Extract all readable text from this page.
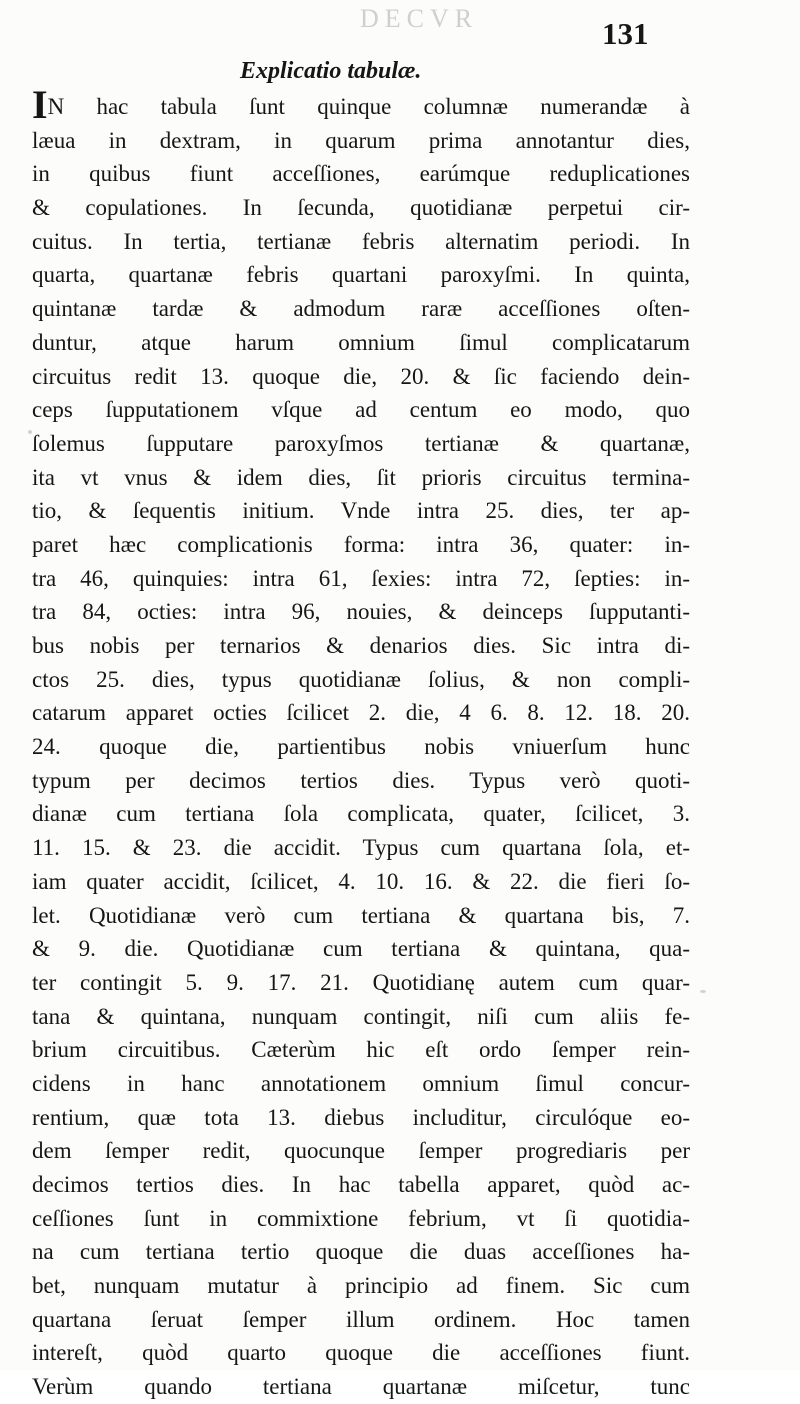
DECVR	131
Explicatio tabulæ.
IN hac tabula ſunt quinque columnæ numerandæ à
læua in dextram, in quarum prima annotantur dies,
in quibus fiunt acceſſiones, earúmque reduplicationes
& copulationes. In ſecunda, quotidianæ perpetui cir-
cuitus. In tertia, tertianæ febris alternatim periodi. In
quarta, quartanæ febris quartani paroxyſmi. In quinta,
quintanæ tardæ & admodum raræ acceſſiones oſten-
duntur, atque harum omnium ſimul complicatarum
circuitus redit 13. quoque die, 20. & ſic faciendo dein-
ceps ſupputationem vſque ad centum eo modo, quo
ſolemus ſupputare paroxyſmos tertianæ & quartanæ,
ita vt vnus & idem dies, ſit prioris circuitus termina-
tio, & ſequentis initium. Vnde intra 25. dies, ter ap-
paret hæc complicationis forma: intra 36, quater: in-
tra 46, quinquies: intra 61, ſexies: intra 72, ſepties: in-
tra 84, octies: intra 96, nouies, & deinceps ſupputanti-
bus nobis per ternarios & denarios dies. Sic intra di-
ctos 25. dies, typus quotidianæ ſolius, & non compli-
catarum apparet octies ſcilicet 2. die, 4 6. 8. 12. 18. 20.
24. quoque die, partientibus nobis vniuerſum hunc
typum per decimos tertios dies. Typus verò quoti-
dianæ cum tertiana ſola complicata, quater, ſcilicet, 3.
11. 15. & 23. die accidit. Typus cum quartana ſola, et-
iam quater accidit, ſcilicet, 4. 10. 16. & 22. die fieri ſo-
let. Quotidianæ verò cum tertiana & quartana bis, 7.
& 9. die. Quotidianæ cum tertiana & quintana, qua-
ter contingit 5. 9. 17. 21. Quotidianę autem cum quar-
tana & quintana, nunquam contingit, niſi cum aliis fe-
brium circuitibus. Cæterùm hic eſt ordo ſemper rein-
cidens in hanc annotationem omnium ſimul concur-
rentium, quæ tota 13. diebus includitur, circulóque eo-
dem ſemper redit, quocunque ſemper progrediaris per
decimos tertios dies. In hac tabella apparet, quòd ac-
ceſſiones ſunt in commixtione febrium, vt ſi quotidia-
na cum tertiana tertio quoque die duas acceſſiones ha-
bet, nunquam mutatur à principio ad finem. Sic cum
quartana ſeruat ſemper illum ordinem. Hoc tamen
intereſt, quòd quarto quoque die acceſſiones fiunt.
Verùm quando tertiana quartanæ miſcetur, tunc
